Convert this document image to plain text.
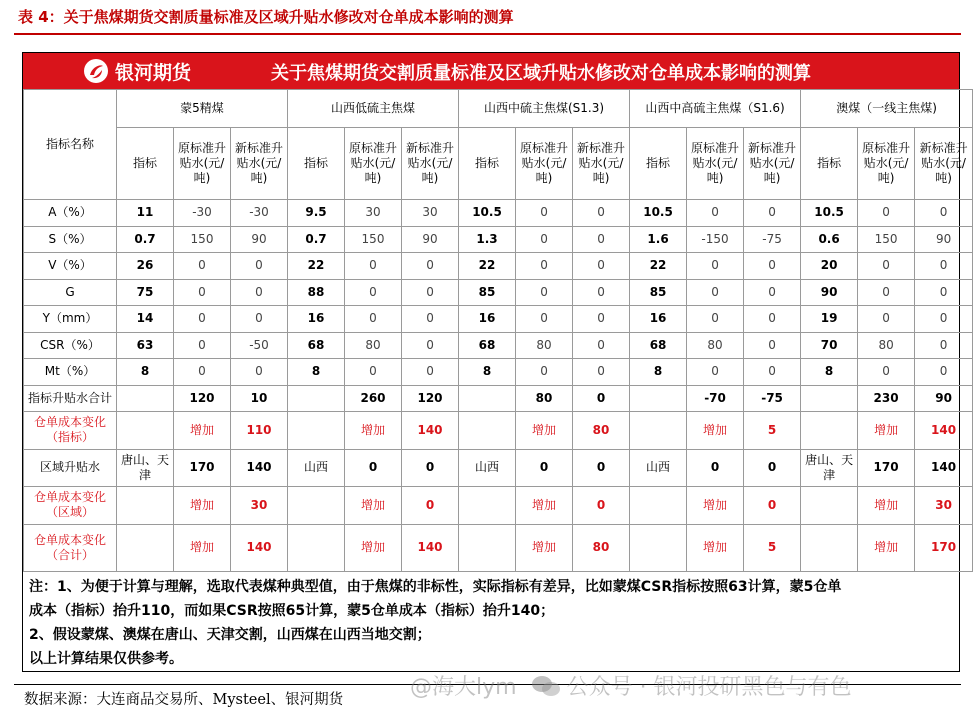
表 4：关于焦煤期货交割质量标准及区域升贴水修改对仓单成本影响的测算
银河期货	关于焦煤期货交割质量标准及区域升贴水修改对仓单成本影响的测算
指标名称	蒙5精煤			山西低硫主焦煤			山西中硫主焦煤(S1.3)			山西中高硫主焦煤（S1.6)			澳煤（一线主焦煤)		
	指标	原标准升贴水(元/吨)	新标准升贴水(元/吨)	指标	原标准升贴水(元/吨)	新标准升贴水(元/吨)	指标	原标准升贴水(元/吨)	新标准升贴水(元/吨)	指标	原标准升贴水(元/吨)	新标准升贴水(元/吨)	指标	原标准升贴水(元/吨)	新标准升贴水(元/吨)
A（%）	11	-30	-30	9.5	30	30	10.5	0	0	10.5	0	0	10.5	0	0
S（%）	0.7	150	90	0.7	150	90	1.3	0	0	1.6	-150	-75	0.6	150	90
V（%）	26	0	0	22	0	0	22	0	0	22	0	0	20	0	0
G	75	0	0	88	0	0	85	0	0	85	0	0	90	0	0
Y（mm）	14	0	0	16	0	0	16	0	0	16	0	0	19	0	0
CSR（%）	63	0	-50	68	80	0	68	80	0	68	80	0	70	80	0
Mt（%）	8	0	0	8	0	0	8	0	0	8	0	0	8	0	0
指标升贴水合计		120	10		260	120		80	0		-70	-75		230	90
仓单成本变化（指标）		增加	110		增加	140		增加	80		增加	5		增加	140
区域升贴水	唐山、天津	170	140	山西	0	0	山西	0	0	山西	0	0	唐山、天津	170	140
仓单成本变化（区域）		增加	30		增加	0		增加	0		增加	0		增加	30
仓单成本变化（合计）		增加	140		增加	140		增加	80		增加	5		增加	170
注：1、为便于计算与理解，选取代表煤种典型值，由于焦煤的非标性，实际指标有差异，比如蒙煤CSR指标按照63计算，蒙5仓单
成本（指标）抬升110，而如果CSR按照65计算，蒙5仓单成本（指标）抬升140；
2、假设蒙煤、澳煤在唐山、天津交割，山西煤在山西当地交割；
以上计算结果仅供参考。
数据来源：大连商品交易所、Mysteel、银河期货	@海大lym 公众号 · 银河投研黑色与有色
